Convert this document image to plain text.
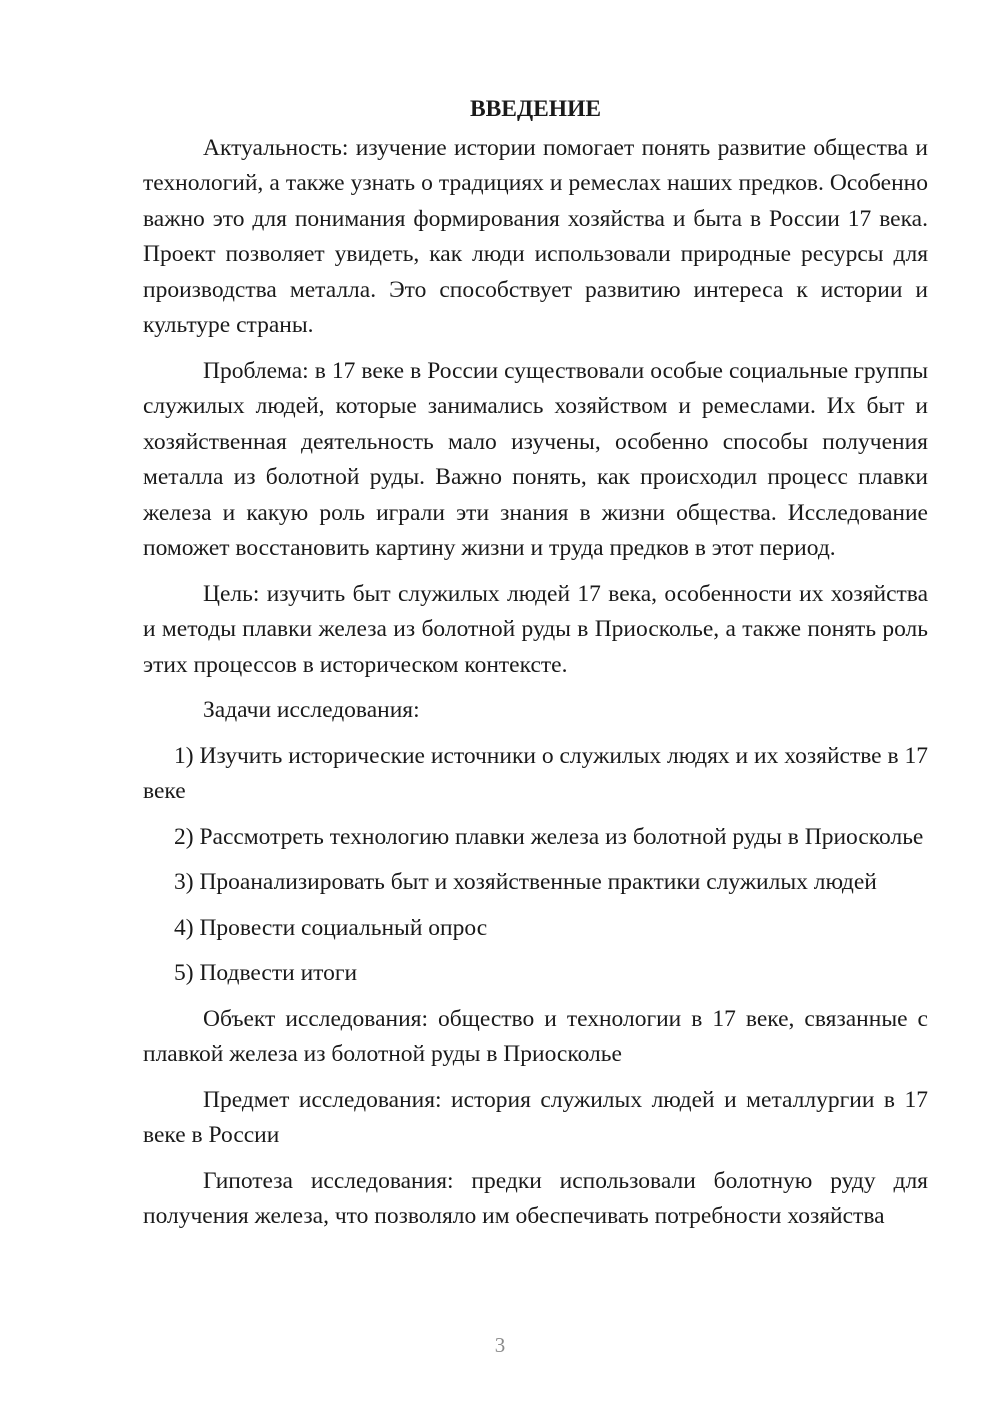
ВВЕДЕНИЕ

Актуальность: изучение истории помогает понять развитие общества и технологий, а также узнать о традициях и ремеслах наших предков. Особенно важно это для понимания формирования хозяйства и быта в России 17 века. Проект позволяет увидеть, как люди использовали природные ресурсы для производства металла. Это способствует развитию интереса к истории и культуре страны.

Проблема: в 17 веке в России существовали особые социальные группы служилых людей, которые занимались хозяйством и ремеслами. Их быт и хозяйственная деятельность мало изучены, особенно способы получения металла из болотной руды. Важно понять, как происходил процесс плавки железа и какую роль играли эти знания в жизни общества. Исследование поможет восстановить картину жизни и труда предков в этот период.

Цель: изучить быт служилых людей 17 века, особенности их хозяйства и методы плавки железа из болотной руды в Приосколье, а также понять роль этих процессов в историческом контексте.

Задачи исследования:

1) Изучить исторические источники о служилых людях и их хозяйстве в 17 веке

2) Рассмотреть технологию плавки железа из болотной руды в Приосколье

3) Проанализировать быт и хозяйственные практики служилых людей

4) Провести социальный опрос

5) Подвести итоги

Объект исследования: общество и технологии в 17 веке, связанные с плавкой железа из болотной руды в Приосколье

Предмет исследования: история служилых людей и металлургии в 17 веке в России

Гипотеза исследования: предки использовали болотную руду для получения железа, что позволяло им обеспечивать потребности хозяйства

3
